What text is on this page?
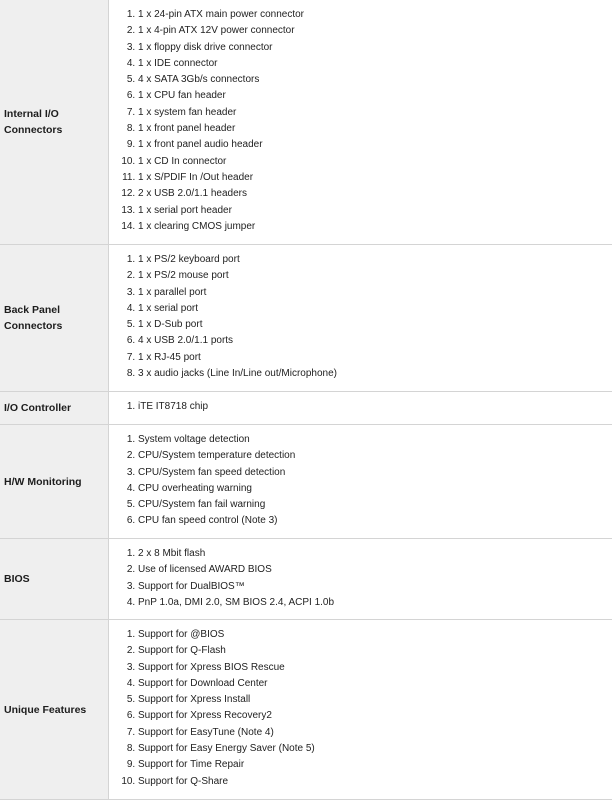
Internal I/O
Connectors
1. 1 x 24-pin ATX main power connector
2. 1 x 4-pin ATX 12V power connector
3. 1 x floppy disk drive connector
4. 1 x IDE connector
5. 4 x SATA 3Gb/s connectors
6. 1 x CPU fan header
7. 1 x system fan header
8. 1 x front panel header
9. 1 x front panel audio header
10. 1 x CD In connector
11. 1 x S/PDIF In /Out header
12. 2 x USB 2.0/1.1 headers
13. 1 x serial port header
14. 1 x clearing CMOS jumper
Back Panel
Connectors
1. 1 x PS/2 keyboard port
2. 1 x PS/2 mouse port
3. 1 x parallel port
4. 1 x serial port
5. 1 x D-Sub port
6. 4 x USB 2.0/1.1 ports
7. 1 x RJ-45 port
8. 3 x audio jacks (Line In/Line out/Microphone)
I/O Controller	1. iTE IT8718 chip
H/W Monitoring
1. System voltage detection
2. CPU/System temperature detection
3. CPU/System fan speed detection
4. CPU overheating warning
5. CPU/System fan fail warning
6. CPU fan speed control (Note 3)
BIOS
1. 2 x 8 Mbit flash
2. Use of licensed AWARD BIOS
3. Support for DualBIOS™
4. PnP 1.0a, DMI 2.0, SM BIOS 2.4, ACPI 1.0b
Unique Features
1. Support for @BIOS
2. Support for Q-Flash
3. Support for Xpress BIOS Rescue
4. Support for Download Center
5. Support for Xpress Install
6. Support for Xpress Recovery2
7. Support for EasyTune (Note 4)
8. Support for Easy Energy Saver (Note 5)
9. Support for Time Repair
10. Support for Q-Share
